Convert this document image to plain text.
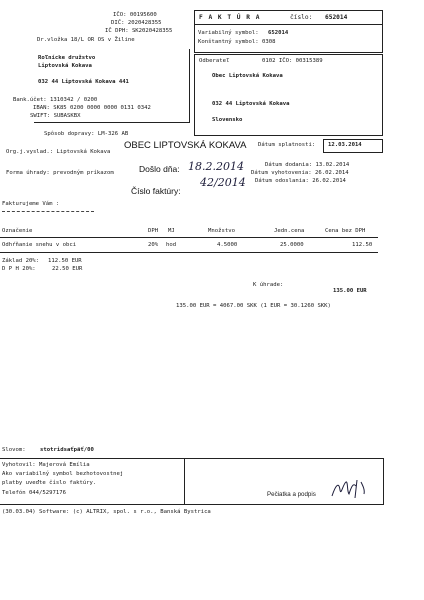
IČO: 00195600
DIČ: 2020428355
IČ DPH: SK2020428355
Dr.vložka 18/L OR OS v Žiline
Roľnícke družstvo
Liptovská Kokava
032 44 Liptovská Kokava 441
Bank.účet: 1310342 / 0200
IBAN: SK85 0200 0000 0000 0131 0342
SWIFT: SUBASKBX
F A K T Ú R A	číslo: 652014
Variabilný symbol: 652014
Konštantný symbol: 0308
Odberateľ	0102 IČO: 00315389
Obec Liptovská Kokava
032 44 Liptovská Kokava
Slovensko
Spôsob dopravy: LM-326 AB
Dátum splatnosti: 12.03.2014
OBEC LIPTOVSKÁ KOKAVA
Org.j.vyslad.: Liptovská Kokava
Došlo dňa: 18.2.2014
42/2014
Číslo faktúry:
Forma úhrady: prevodným príkazom
Dátum dodania: 13.02.2014
Dátum vyhotovenia: 26.02.2014
Dátum odoslania: 26.02.2014
Fakturujeme Vám :
Označenie	DPH MJ	Množstvo	Jedn.cena	Cena bez DPH
Odhŕňanie snehu v obci	20% hod	4.5000	25.0000	112.50
Základ 20%: 112.50 EUR
D P H 20%:	22.50 EUR
K úhrade:
135.00 EUR
135.00 EUR = 4067.00 SKK (1 EUR = 30.1260 SKK)
Slovom:	stotridsaťpäť/00
Vyhotovil: Majerová Emília
Ako variabilný symbol bezhotovostnej
platby uveďte číslo faktúry.
Telefón 044/5297176	Pečiatka a podpis
(30.03.04) Software: (c) ALTRIX, spol. s r.o., Banská Bystrica
